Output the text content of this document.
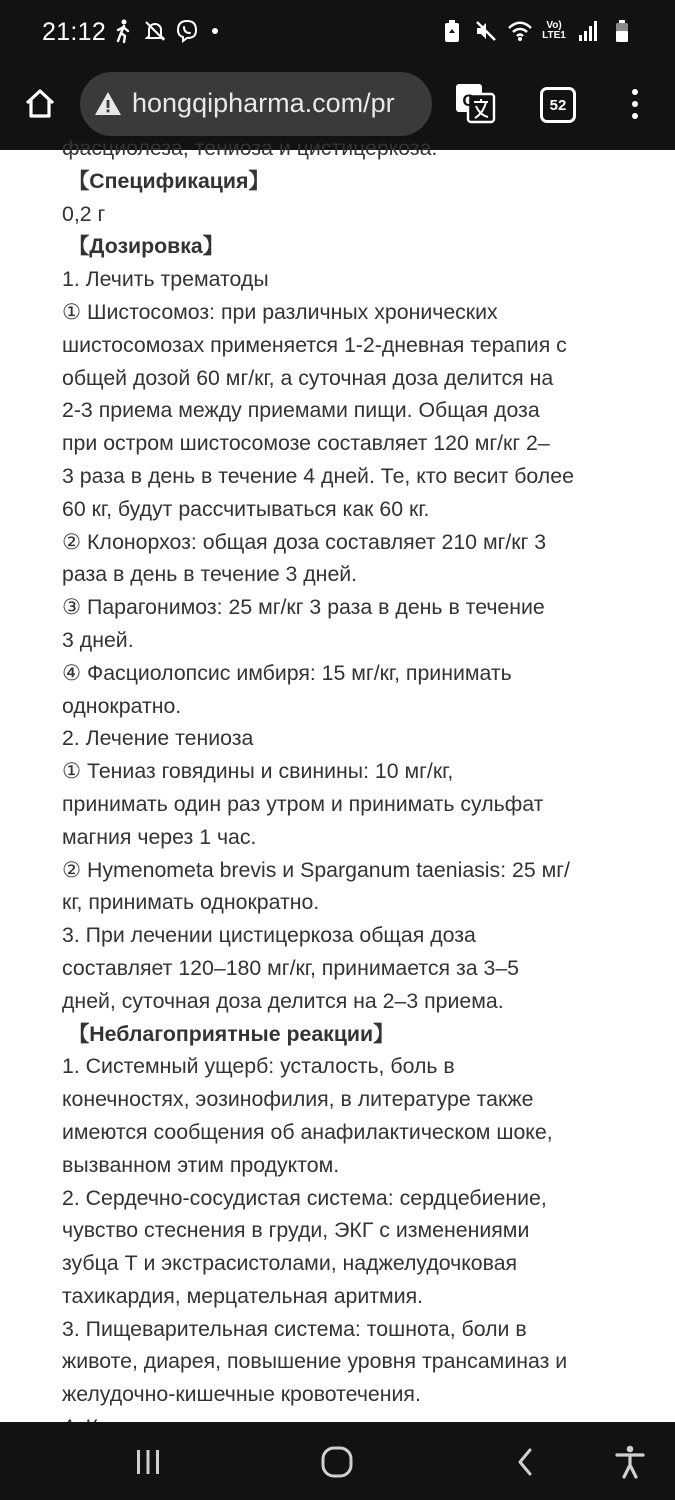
21:12	Vo)
LTE1
hongqipharma.com/pr	G	52

фасциолеза, тениоза и цистицеркоза.

【Спецификация】

0,2 г

【Дозировка】

1. Лечить трематоды

① Шистосомоз: при различных хронических

шистосомозах применяется 1-2-дневная терапия с

общей дозой 60 мг/кг, а суточная доза делится на

2-3 приема между приемами пищи. Общая доза

при остром шистосомозе составляет 120 мг/кг 2–

3 раза в день в течение 4 дней. Те, кто весит более

60 кг, будут рассчитываться как 60 кг.

② Клонорхоз: общая доза составляет 210 мг/кг 3

раза в день в течение 3 дней.

③ Парагонимоз: 25 мг/кг 3 раза в день в течение

3 дней.

④ Фасциолопсис имбиря: 15 мг/кг, принимать

однократно.

2. Лечение тениоза

① Тениаз говядины и свинины: 10 мг/кг,

принимать один раз утром и принимать сульфат

магния через 1 час.

② Hymenometa brevis и Sparganum taeniasis: 25 мг/

кг, принимать однократно.

3. При лечении цистицеркоза общая доза

составляет 120–180 мг/кг, принимается за 3–5

дней, суточная доза делится на 2–3 приема.

【Неблагоприятные реакции】

1. Системный ущерб: усталость, боль в

конечностях, эозинофилия, в литературе также

имеются сообщения об анафилактическом шоке,

вызванном этим продуктом.

2. Сердечно-сосудистая система: сердцебиение,

чувство стеснения в груди, ЭКГ с изменениями

зубца Т и экстрасистолами, наджелудочковая

тахикардия, мерцательная аритмия.

3. Пищеварительная система: тошнота, боли в

животе, диарея, повышение уровня трансаминаз и

желудочно-кишечные кровотечения.
